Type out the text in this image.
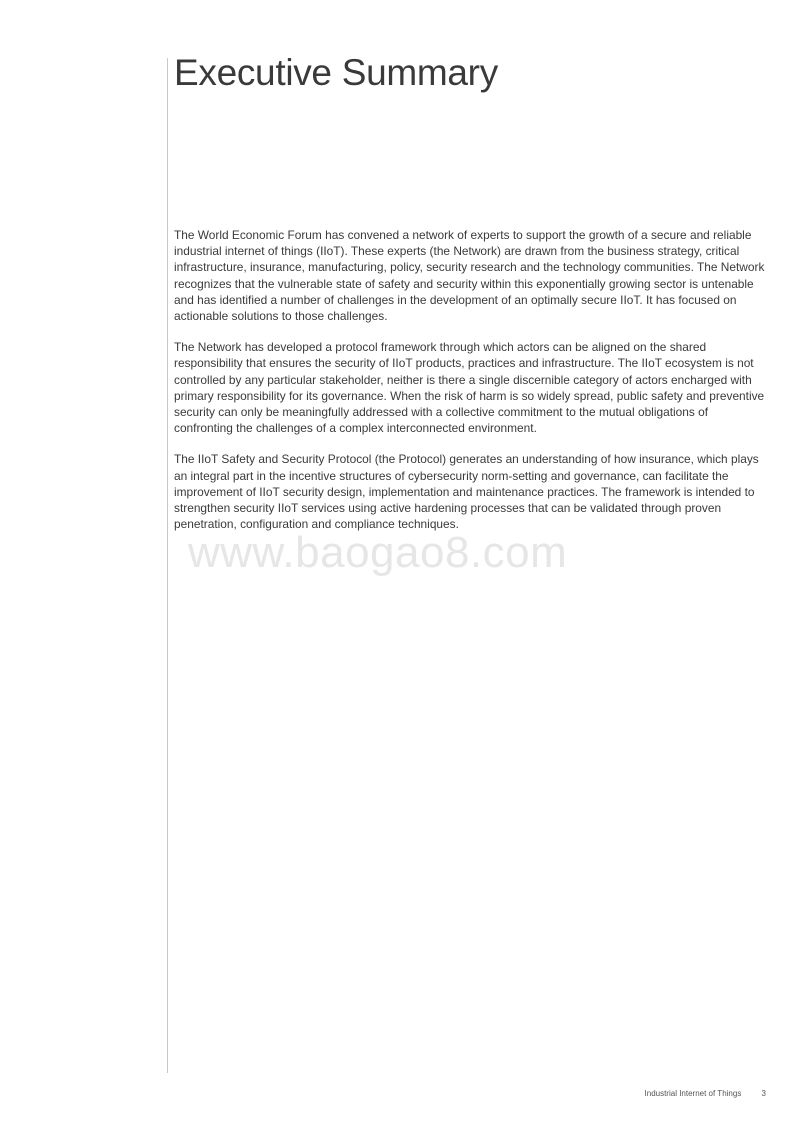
Executive Summary

The World Economic Forum has convened a network of experts to support the growth of a secure and reliable industrial internet of things (IIoT). These experts (the Network) are drawn from the business strategy, critical infrastructure, insurance, manufacturing, policy, security research and the technology communities. The Network recognizes that the vulnerable state of safety and security within this exponentially growing sector is untenable and has identified a number of challenges in the development of an optimally secure IIoT. It has focused on actionable solutions to those challenges.

The Network has developed a protocol framework through which actors can be aligned on the shared responsibility that ensures the security of IIoT products, practices and infrastructure. The IIoT ecosystem is not controlled by any particular stakeholder, neither is there a single discernible category of actors encharged with primary responsibility for its governance. When the risk of harm is so widely spread, public safety and preventive security can only be meaningfully addressed with a collective commitment to the mutual obligations of confronting the challenges of a complex interconnected environment.

The IIoT Safety and Security Protocol (the Protocol) generates an understanding of how insurance, which plays an integral part in the incentive structures of cybersecurity norm-setting and governance, can facilitate the improvement of IIoT security design, implementation and maintenance practices. The framework is intended to strengthen security IIoT services using active hardening processes that can be validated through proven penetration, configuration and compliance techniques.

www.baogao8.com
Industrial Internet of Things	3
